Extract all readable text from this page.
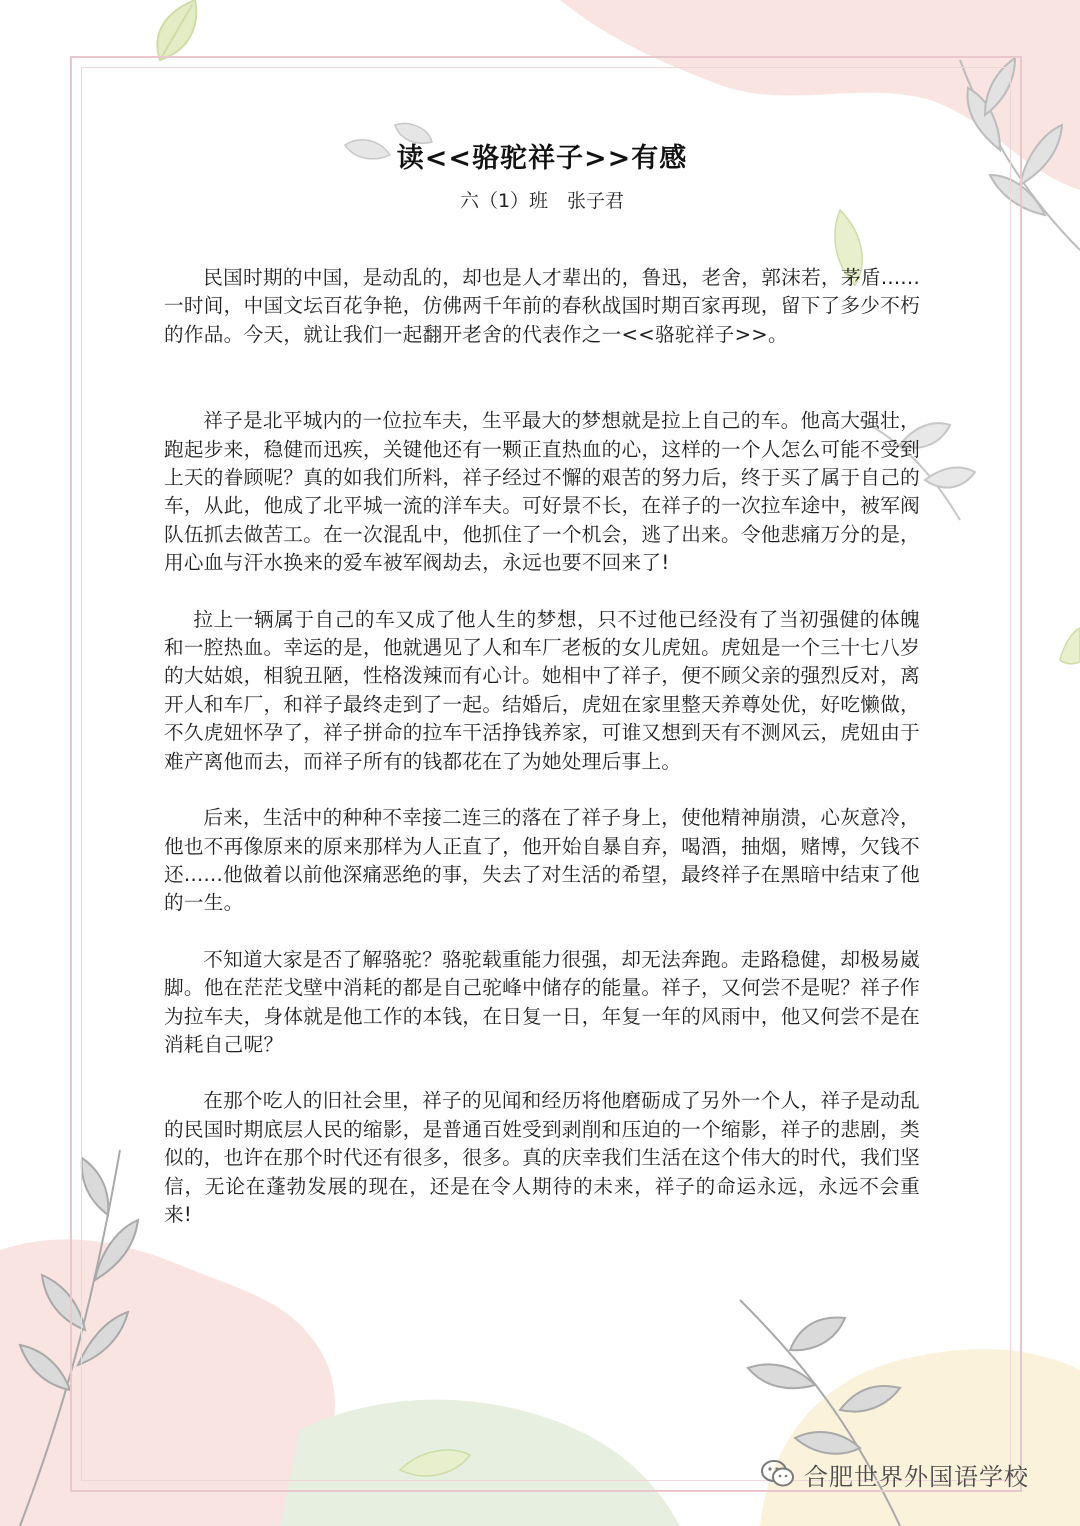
读<<骆驼祥子>>有感

六（1）班　张子君

民国时期的中国，是动乱的，却也是人才辈出的，鲁迅，老舍，郭沫若，茅盾......一时间，中国文坛百花争艳，仿佛两千年前的春秋战国时期百家再现，留下了多少不朽的作品。今天，就让我们一起翻开老舍的代表作之一<<骆驼祥子>>。

祥子是北平城内的一位拉车夫，生平最大的梦想就是拉上自己的车。他高大强壮，跑起步来，稳健而迅疾，关键他还有一颗正直热血的心，这样的一个人怎么可能不受到上天的眷顾呢？真的如我们所料，祥子经过不懈的艰苦的努力后，终于买了属于自己的车，从此，他成了北平城一流的洋车夫。可好景不长，在祥子的一次拉车途中，被军阀队伍抓去做苦工。在一次混乱中，他抓住了一个机会，逃了出来。令他悲痛万分的是，用心血与汗水换来的爱车被军阀劫去，永远也要不回来了!

拉上一辆属于自己的车又成了他人生的梦想，只不过他已经没有了当初强健的体魄和一腔热血。幸运的是，他就遇见了人和车厂老板的女儿虎妞。虎妞是一个三十七八岁的大姑娘，相貌丑陋，性格泼辣而有心计。她相中了祥子，便不顾父亲的强烈反对，离开人和车厂，和祥子最终走到了一起。结婚后，虎妞在家里整天养尊处优，好吃懒做，不久虎妞怀孕了，祥子拼命的拉车干活挣钱养家，可谁又想到天有不测风云，虎妞由于难产离他而去，而祥子所有的钱都花在了为她处理后事上。

后来，生活中的种种不幸接二连三的落在了祥子身上，使他精神崩溃，心灰意冷，他也不再像原来的原来那样为人正直了，他开始自暴自弃，喝酒，抽烟，赌博，欠钱不还......他做着以前他深痛恶绝的事，失去了对生活的希望，最终祥子在黑暗中结束了他的一生。

不知道大家是否了解骆驼？骆驼载重能力很强，却无法奔跑。走路稳健，却极易崴脚。他在茫茫戈壁中消耗的都是自己驼峰中储存的能量。祥子，又何尝不是呢？祥子作为拉车夫，身体就是他工作的本钱，在日复一日，年复一年的风雨中，他又何尝不是在消耗自己呢？

在那个吃人的旧社会里，祥子的见闻和经历将他磨砺成了另外一个人，祥子是动乱的民国时期底层人民的缩影，是普通百姓受到剥削和压迫的一个缩影，祥子的悲剧，类似的，也许在那个时代还有很多，很多。真的庆幸我们生活在这个伟大的时代，我们坚信，无论在蓬勃发展的现在，还是在令人期待的未来，祥子的命运永远，永远不会重来!

合肥世界外国语学校
